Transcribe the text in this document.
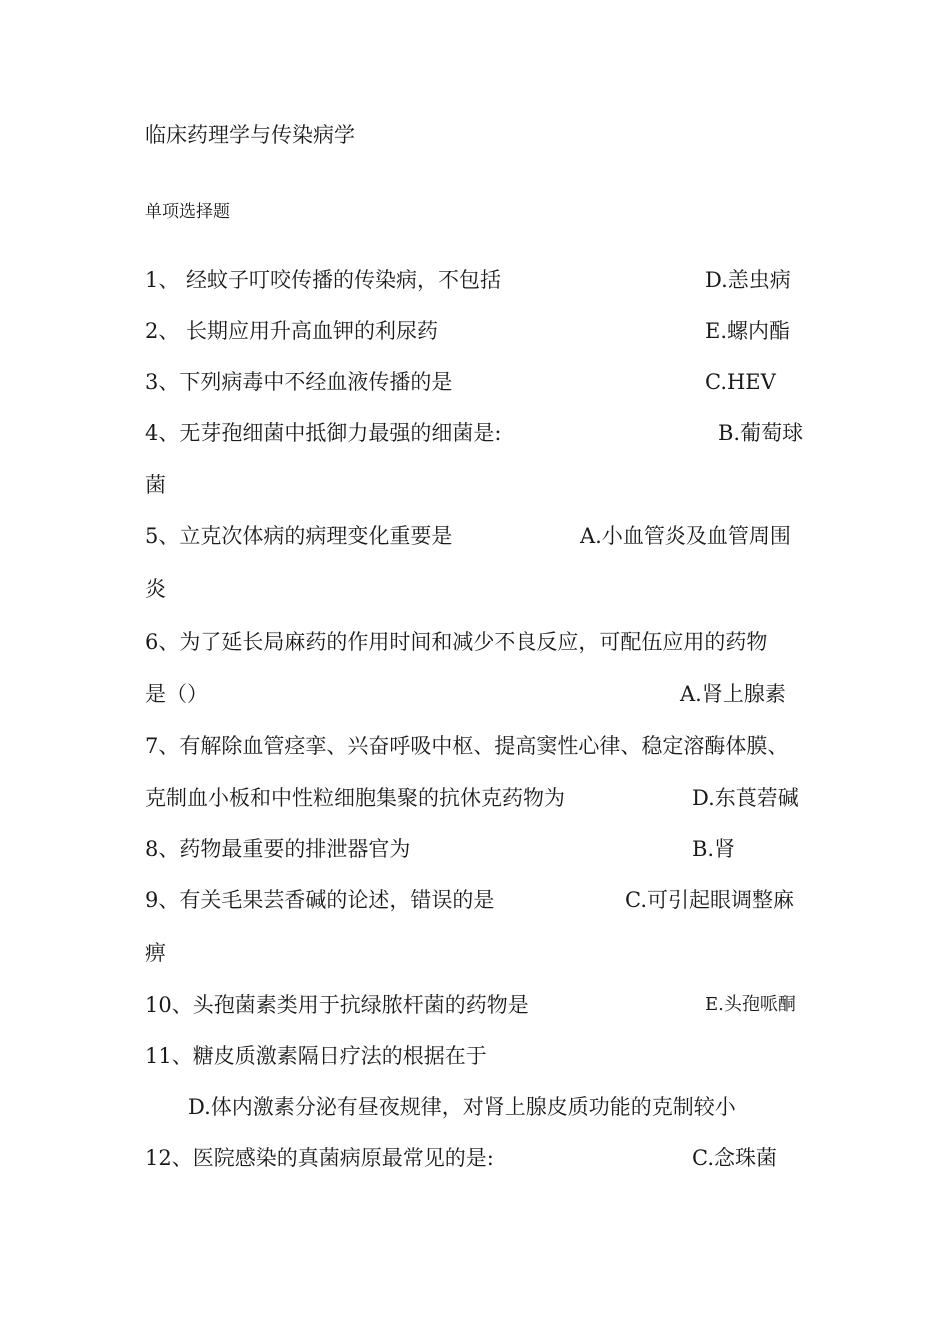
临床药理学与传染病学
单项选择题
1、 经蚊子叮咬传播的传染病，不包括	D.恙虫病
2、 长期应用升高血钾的利尿药	E.螺内酯
3、下列病毒中不经血液传播的是	C.HEV
4、无芽孢细菌中抵御力最强的细菌是:	B.葡萄球
菌
5、立克次体病的病理变化重要是	A.小血管炎及血管周围
炎
6、为了延长局麻药的作用时间和减少不良反应，可配伍应用的药物
是（）	A.肾上腺素
7、有解除血管痉挛、兴奋呼吸中枢、提高窦性心律、稳定溶酶体膜、
克制血小板和中性粒细胞集聚的抗休克药物为	D.东莨菪碱
8、药物最重要的排泄器官为	B.肾
9、有关毛果芸香碱的论述，错误的是	C.可引起眼调整麻
痹
10、头孢菌素类用于抗绿脓杆菌的药物是	E.头孢哌酮
11、糖皮质激素隔日疗法的根据在于
D.体内激素分泌有昼夜规律，对肾上腺皮质功能的克制较小
12、医院感染的真菌病原最常见的是:	C.念珠菌
